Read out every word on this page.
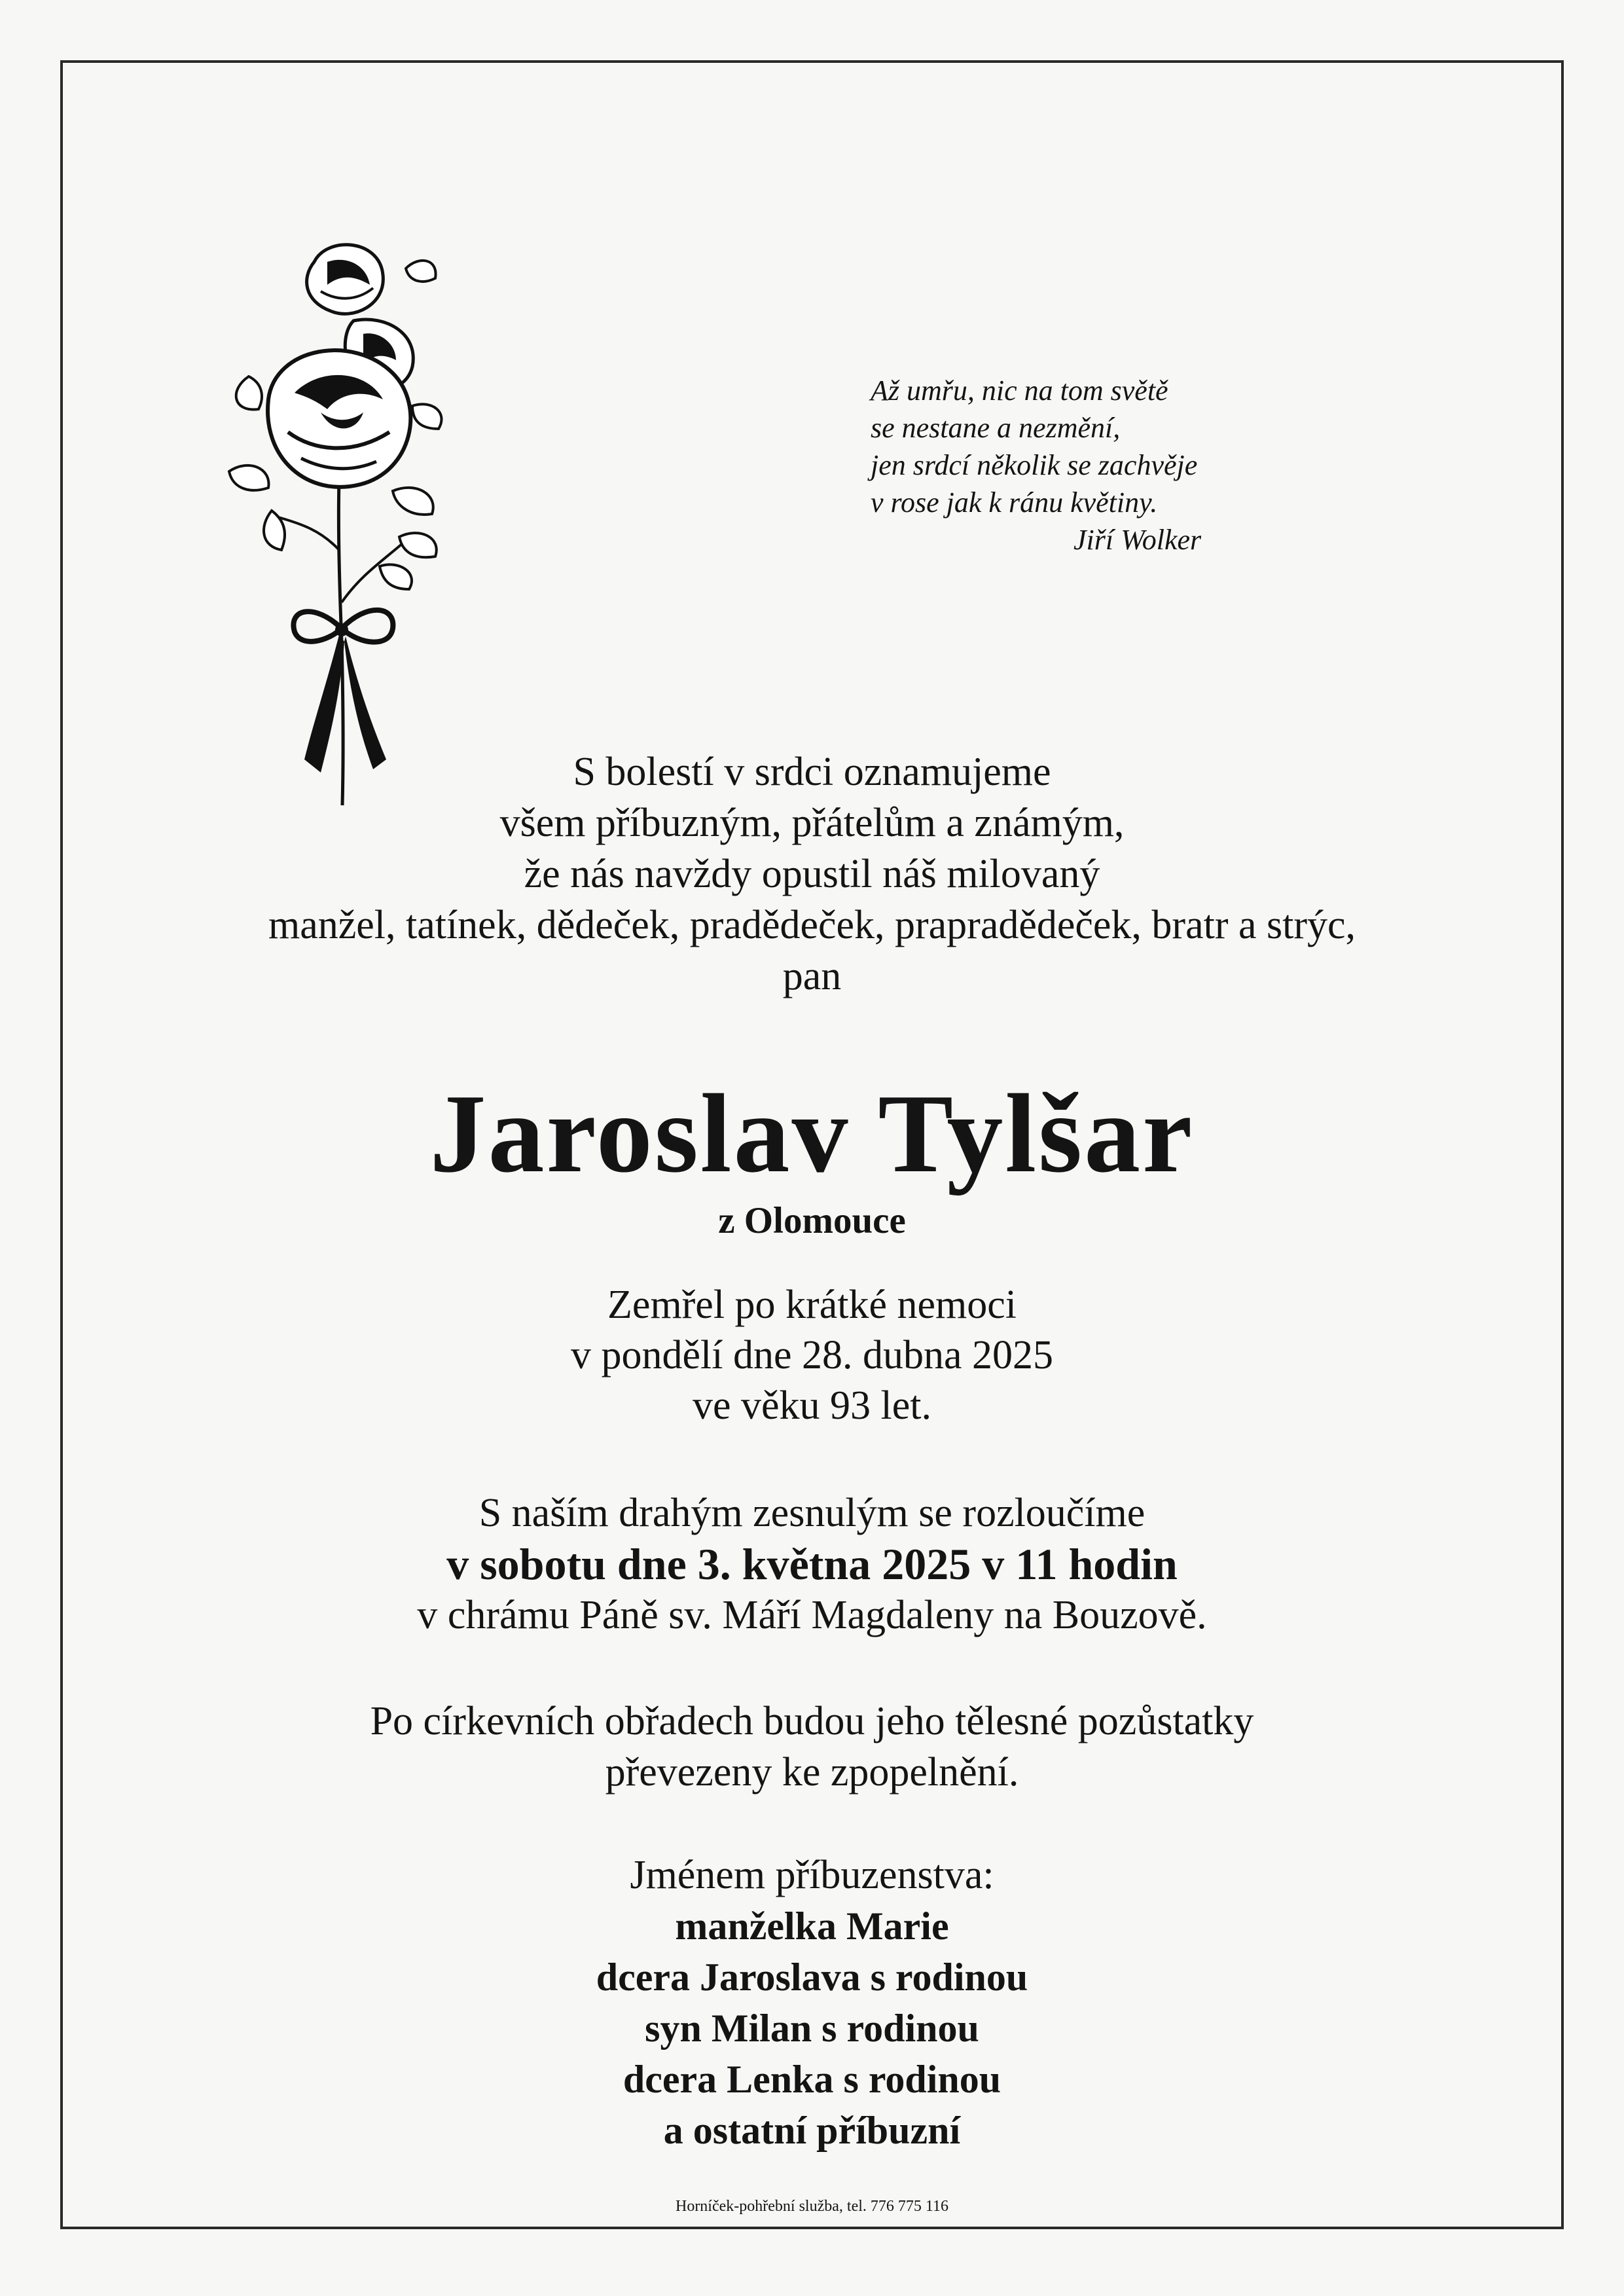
Až umřu, nic na tom světě
se nestane a nezmění,
jen srdcí několik se zachvěje
v rose jak k ránu květiny.
Jiří Wolker
S bolestí v srdci oznamujeme
všem příbuzným, přátelům a známým,
že nás navždy opustil náš milovaný
manžel, tatínek, dědeček, pradědeček, prapradědeček, bratr a strýc,
pan
Jaroslav Tylšar
z Olomouce
Zemřel po krátké nemoci
v pondělí dne 28. dubna 2025
ve věku 93 let.
S naším drahým zesnulým se rozloučíme
v sobotu dne 3. května 2025 v 11 hodin
v chrámu Páně sv. Máří Magdaleny na Bouzově.
Po církevních obřadech budou jeho tělesné pozůstatky
převezeny ke zpopelnění.
Jménem příbuzenstva:
manželka Marie
dcera Jaroslava s rodinou
syn Milan s rodinou
dcera Lenka s rodinou
a ostatní příbuzní
Horníček-pohřební služba, tel. 776 775 116
